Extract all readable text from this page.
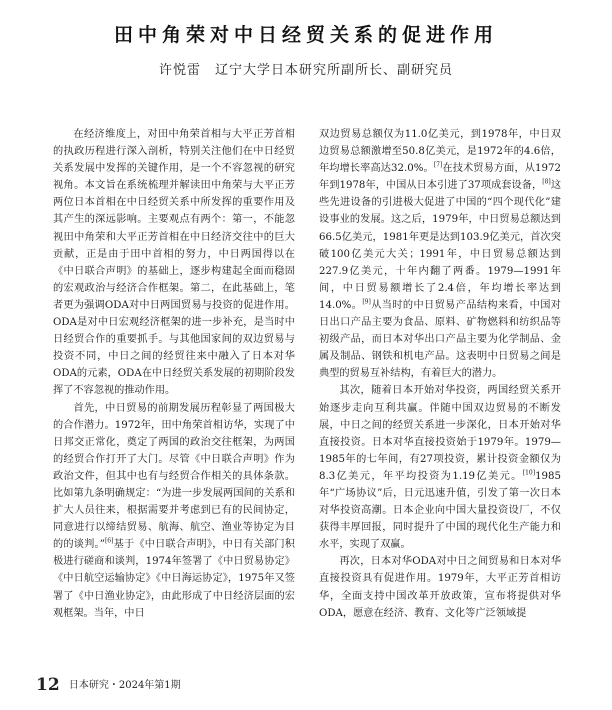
田中角荣对中日经贸关系的促进作用
许悦雷　辽宁大学日本研究所副所长、副研究员

在经济维度上，对田中角荣首相与大平正芳首相的执政历程进行深入剖析，特别关注他们在中日经贸关系发展中发挥的关键作用，是一个不容忽视的研究视角。本文旨在系统梳理并解读田中角荣与大平正芳两位日本首相在中日经贸关系中所发挥的重要作用及其产生的深远影响。主要观点有两个：第一，不能忽视田中角荣和大平正芳首相在中日经济交往中的巨大贡献，正是由于田中首相的努力，中日两国得以在《中日联合声明》的基础上，逐步构建起全面而稳固的宏观政治与经济合作框架。第二，在此基础上，笔者更为强调ODA对中日两国贸易与投资的促进作用。ODA是对中日宏观经济框架的进一步补充，是当时中日经贸合作的重要抓手。与其他国家间的双边贸易与投资不同，中日之间的经贸往来中融入了日本对华ODA的元素，ODA在中日经贸关系发展的初期阶段发挥了不容忽视的推动作用。

首先，中日贸易的前期发展历程彰显了两国极大的合作潜力。1972年，田中角荣首相访华，实现了中日邦交正常化，奠定了两国的政治交往框架，为两国的经贸合作打开了大门。尽管《中日联合声明》作为政治文件，但其中也有与经贸合作相关的具体条款。比如第九条明确规定：“为进一步发展两国间的关系和扩大人员往来，根据需要并考虑到已有的民间协定，同意进行以缔结贸易、航海、航空、渔业等协定为目的的谈判。”[6]基于《中日联合声明》，中日有关部门积极进行磋商和谈判，1974年签署了《中日贸易协定》《中日航空运输协定》《中日海运协定》，1975年又签署了《中日渔业协定》，由此形成了中日经济层面的宏观框架。当年，中日

双边贸易总额仅为11.0亿美元，到1978年，中日双边贸易总额激增至50.8亿美元，是1972年的4.6倍，年均增长率高达32.0%。[7]在技术贸易方面，从1972年到1978年，中国从日本引进了37项成套设备，[8]这些先进设备的引进极大促进了中国的“四个现代化”建设事业的发展。这之后，1979年，中日贸易总额达到66.5亿美元，1981年更是达到103.9亿美元，首次突破100亿美元大关；1991年，中日贸易总额达到227.9亿美元，十年内翻了两番。1979—1991年间，中日贸易额增长了2.4倍，年均增长率达到14.0%。[9]从当时的中日贸易产品结构来看，中国对日出口产品主要为食品、原料、矿物燃料和纺织品等初级产品，而日本对华出口产品主要为化学制品、金属及制品、钢铁和机电产品。这表明中日贸易之间是典型的贸易互补结构，有着巨大的潜力。

其次，随着日本开始对华投资，两国经贸关系开始逐步走向互利共赢。伴随中国双边贸易的不断发展，中日之间的经贸关系进一步深化，日本开始对华直接投资。日本对华直接投资始于1979年。1979—1985年的七年间，有27项投资，累计投资金额仅为8.3亿美元，年平均投资为1.19亿美元。[10]1985年“广场协议”后，日元迅速升值，引发了第一次日本对华投资高潮。日本企业向中国大量投资设厂，不仅获得丰厚回报，同时提升了中国的现代化生产能力和水平，实现了双赢。

再次，日本对华ODA对中日之间贸易和日本对华直接投资具有促进作用。1979年，大平正芳首相访华，全面支持中国改革开放政策，宣布将提供对华ODA，愿意在经济、教育、文化等广泛领域提

12 日本研究・2024年第1期
